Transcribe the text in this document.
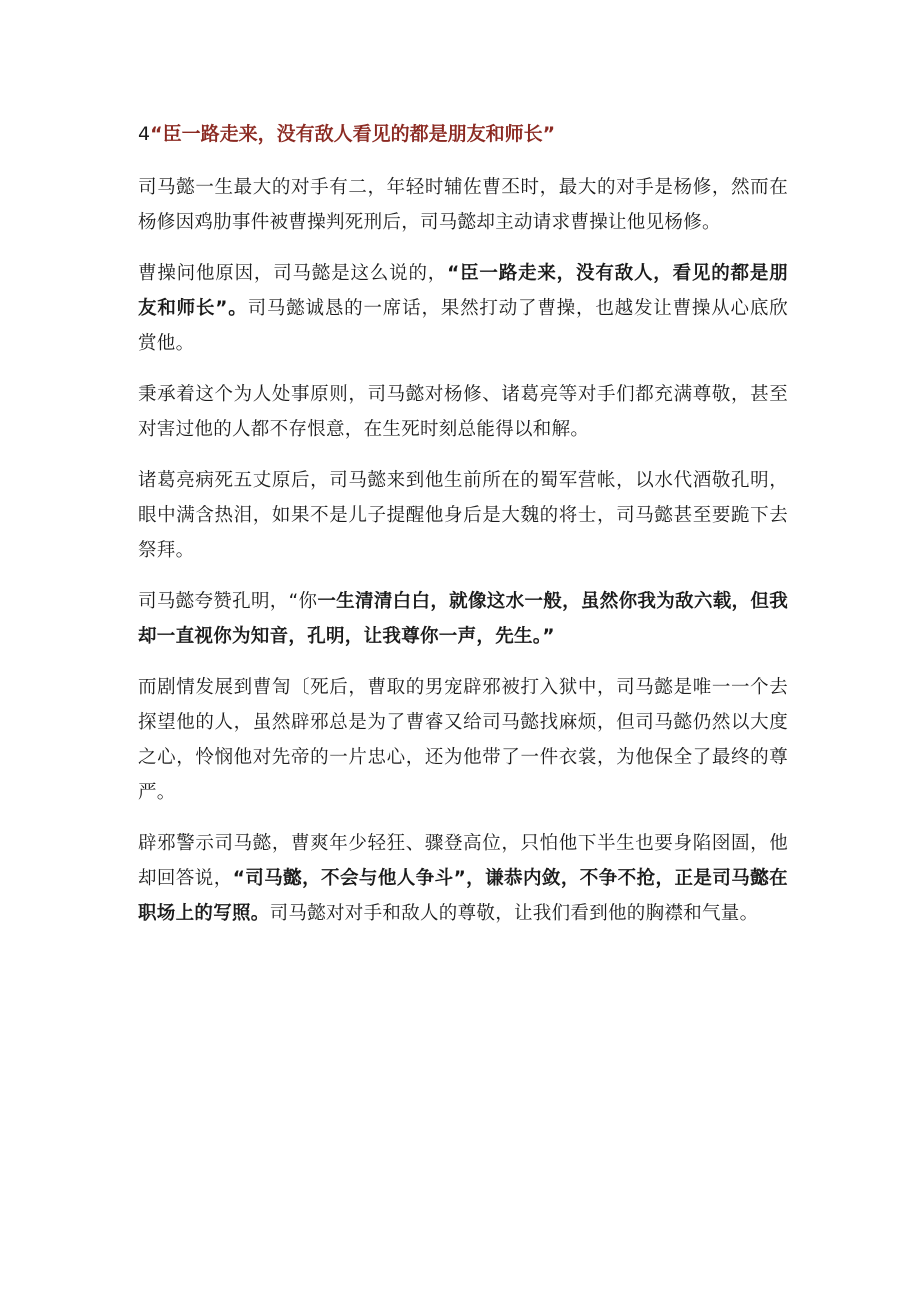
4“臣一路走来，没有敌人看见的都是朋友和师长”

司马懿一生最大的对手有二，年轻时辅佐曹丕时，最大的对手是杨修，然而在杨修因鸡肋事件被曹操判死刑后，司马懿却主动请求曹操让他见杨修。

曹操问他原因，司马懿是这么说的，“臣一路走来，没有敌人，看见的都是朋友和师长”。司马懿诚恳的一席话，果然打动了曹操，也越发让曹操从心底欣赏他。

秉承着这个为人处事原则，司马懿对杨修、诸葛亮等对手们都充满尊敬，甚至对害过他的人都不存恨意，在生死时刻总能得以和解。

诸葛亮病死五丈原后，司马懿来到他生前所在的蜀军营帐，以水代酒敬孔明，眼中满含热泪，如果不是儿子提醒他身后是大魏的将士，司马懿甚至要跪下去祭拜。

司马懿夸赞孔明，“你一生清清白白，就像这水一般，虽然你我为敌六载，但我却一直视你为知音，孔明，让我尊你一声，先生。”

而剧情发展到曹訇〔死后，曹取的男宠辟邪被打入狱中，司马懿是唯一一个去探望他的人，虽然辟邪总是为了曹睿又给司马懿找麻烦，但司马懿仍然以大度之心，怜悯他对先帝的一片忠心，还为他带了一件衣裳，为他保全了最终的尊严。

辟邪警示司马懿，曹爽年少轻狂、骤登高位，只怕他下半生也要身陷囹圄，他却回答说，“司马懿，不会与他人争斗”，谦恭内敛，不争不抢，正是司马懿在职场上的写照。司马懿对对手和敌人的尊敬，让我们看到他的胸襟和气量。
